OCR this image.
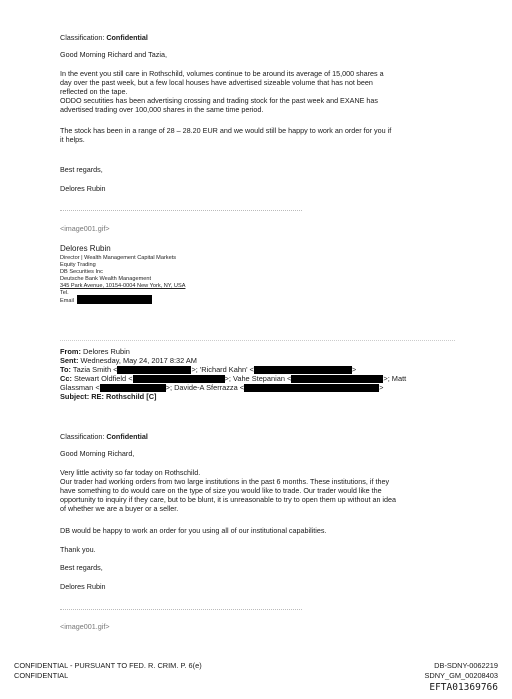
Classification: Confidential
Good Morning Richard and Tazia,
In the event you still care in Rothschild, volumes continue to be around its average of 15,000 shares a
day over the past week, but a few local houses have advertised sizeable volume that has not been
reflected on the tape.
ODDO secutities has been advertising crossing and trading stock for the past week and EXANE has
advertised trading over 100,000 shares in the same time period.
The stock has been in a range of 28 – 28.20 EUR and we would still be happy to work an order for you if
it helps.
Best regards,
Delores Rubin
<image001.gif>
Delores Rubin
Director | Wealth Management Capital Markets
Equity Trading
DB Securities Inc
Deutsche Bank Wealth Management
345 Park Avenue, 10154-0004 New York, NY, USA
Tel.
Email
From: Delores Rubin
Sent: Wednesday, May 24, 2017 8:32 AM
To: Tazia Smith <	>; 'Richard Kahn' <	>
Cc: Stewart Oldfield <	>; Vahe Stepanian <	>; Matt
Glassman <	>; Davide-A Sferrazza <	>
Subject: RE: Rothschild [C]
Classification: Confidential
Good Morning Richard,
Very little activity so far today on Rothschild.
Our trader had working orders from two large institutions in the past 6 months. These institutions, if they
have something to do would care on the type of size you would like to trade. Our trader would like the
opportunity to inquiry if they care, but to be blunt, it is unreasonable to try to open them up without an idea
of whether we are a buyer or a seller.
DB would be happy to work an order for you using all of our institutional capabilities.
Thank you.
Best regards,
Delores Rubin
<image001.gif>
CONFIDENTIAL - PURSUANT TO FED. R. CRIM. P. 6(e)
CONFIDENTIAL
DB-SDNY-0062219
SDNY_GM_00208403
EFTA01369766
